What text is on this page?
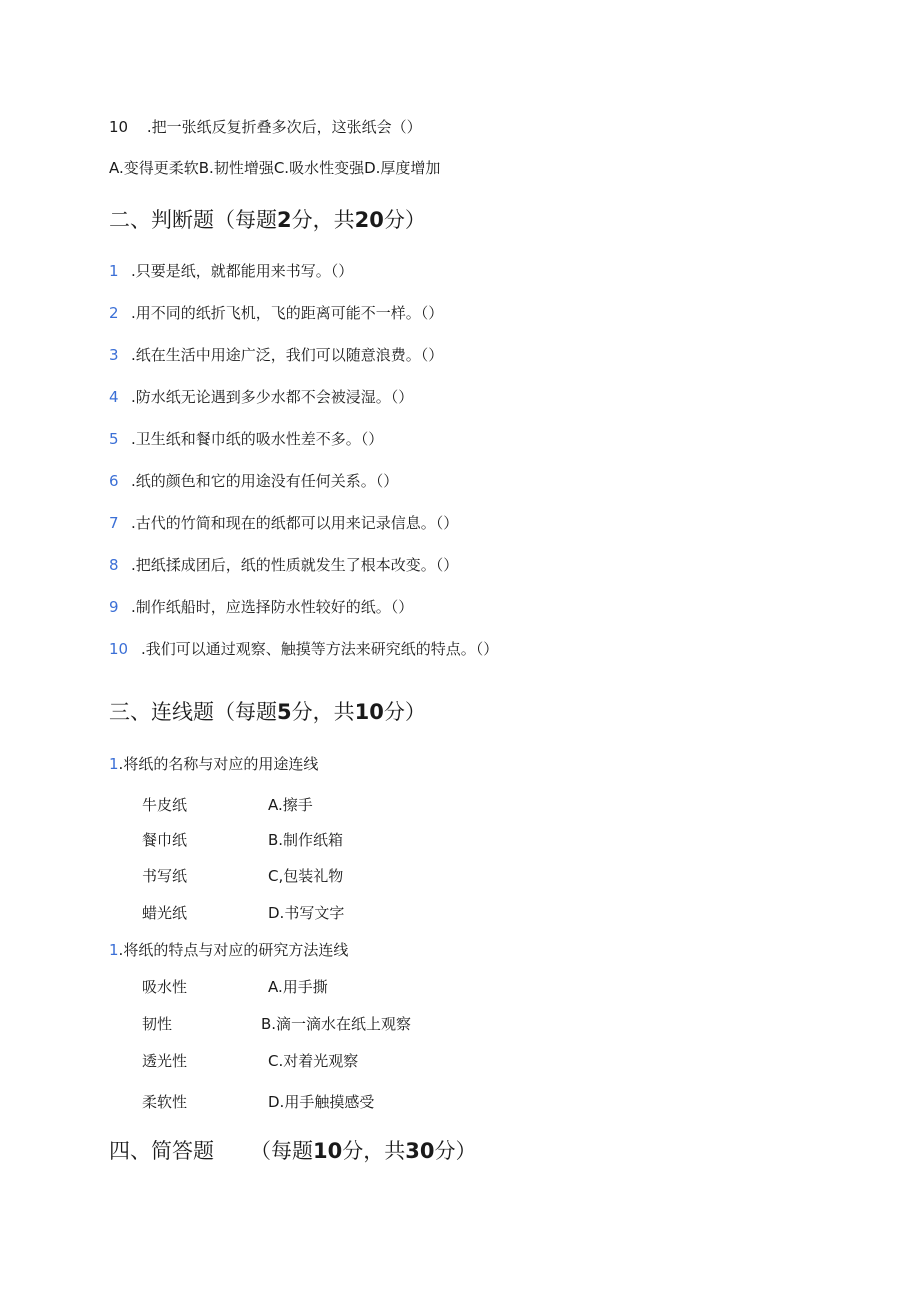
10 .把一张纸反复折叠多次后，这张纸会（）
A.变得更柔软B.韧性增强C.吸水性变强D.厚度增加
二、判断题（每题2分，共20分）
1 .只要是纸，就都能用来书写。（）
2 .用不同的纸折飞机，飞的距离可能不一样。（）
3 .纸在生活中用途广泛，我们可以随意浪费。（）
4 .防水纸无论遇到多少水都不会被浸湿。（）
5 .卫生纸和餐巾纸的吸水性差不多。（）
6 .纸的颜色和它的用途没有任何关系。（）
7 .古代的竹简和现在的纸都可以用来记录信息。（）
8 .把纸揉成团后，纸的性质就发生了根本改变。（）
9 .制作纸船时，应选择防水性较好的纸。（）
10 .我们可以通过观察、触摸等方法来研究纸的特点。（）
三、连线题（每题5分，共10分）
1.将纸的名称与对应的用途连线
牛皮纸	A.擦手
餐巾纸	B.制作纸箱
书写纸	C,包装礼物
蜡光纸	D.书写文字
1.将纸的特点与对应的研究方法连线
吸水性	A.用手撕
韧性	B.滴一滴水在纸上观察
透光性	C.对着光观察
柔软性	D.用手触摸感受
四、简答题 （每题10分，共30分）
